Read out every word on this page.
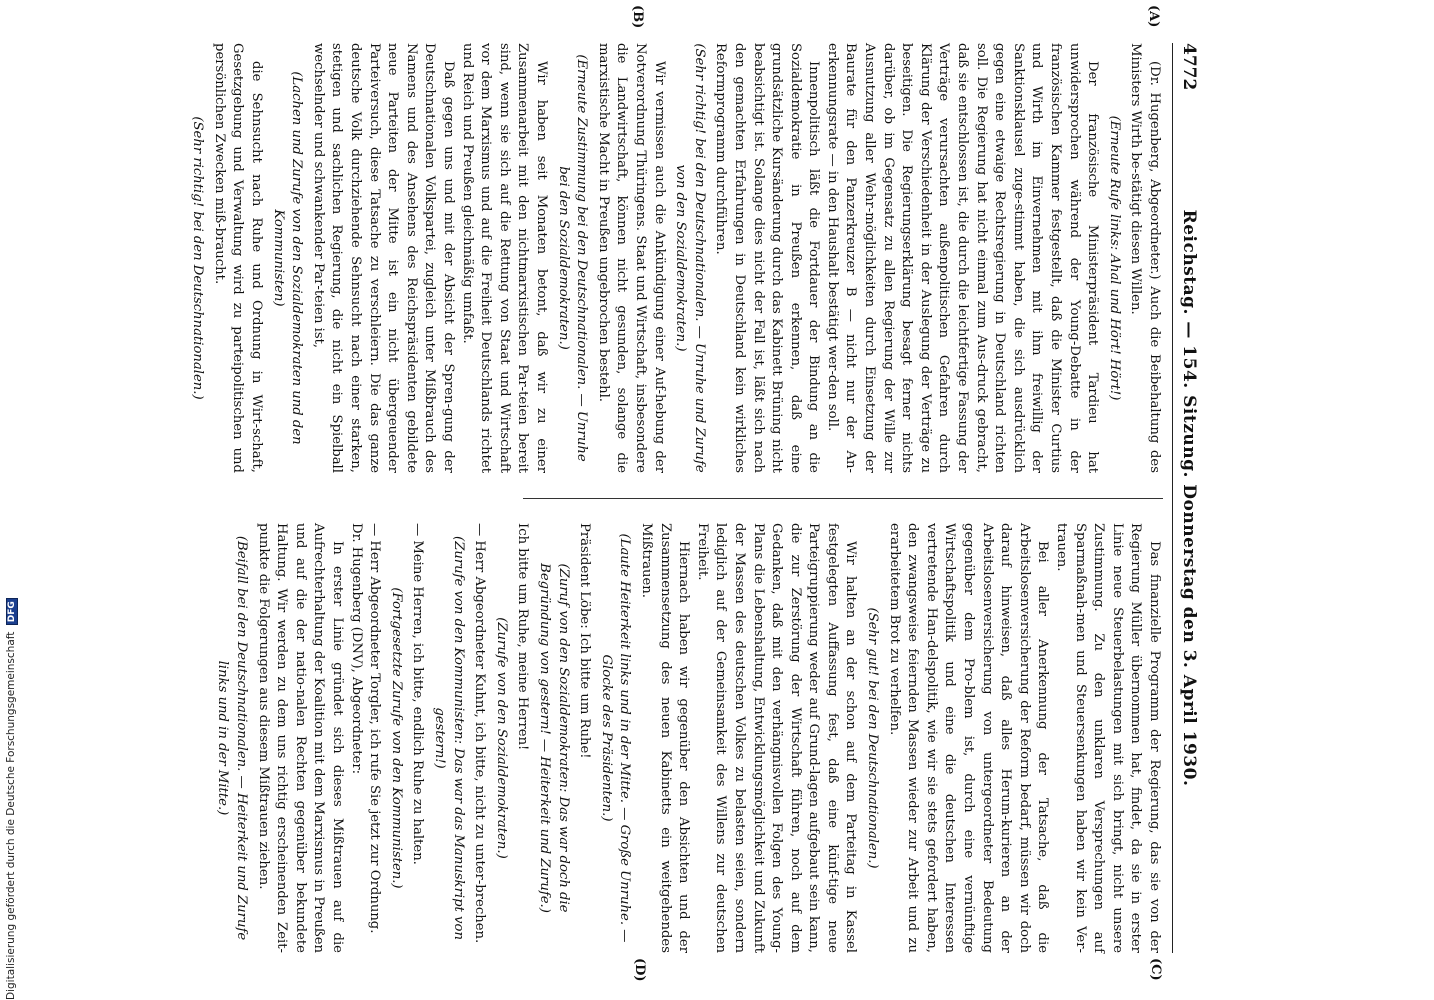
4772
Reichstag. — 154. Sitzung. Donnerstag den 3. April 1930.
(A)
(B)
(C)
(D)

(Dr. Hugenberg, Abgeordneter.) Auch die Beibehaltung des Ministers Wirth be-stätigt diesen Willen.

(Erneute Rufe links: Ahal und Hört! Hört!)

Der französische Ministerpräsident Tardieu hat unwidersprochen während der Young-Debatte in der französischen Kammer festgestellt, daß die Minister Curtius und Wirth im Einvernehmen mit ihm freiwillig der Sanktionsklausel zuge-stimmt haben, die sich ausdrücklich gegen eine etwaige Rechtsregierung in Deutschland richten soll. Die Regierung hat nicht einmal zum Aus-druck gebracht, daß sie entschlossen ist, die durch die leichtfertige Fassung der Verträge verursachten außenpolitischen Gefahren durch Klärung der Verschiedenheit in der Auslegung der Verträge zu beseitigen. Die Regierungserklärung besagt ferner nichts darüber, ob im Gegensatz zu allen Regierung der Wille zur Ausnutzung aller Wehr-möglichkeiten durch Einsetzung der Baurate für den Panzerkreuzer B — nicht nur der An-erkennungsrate — in den Haushalt bestätigt wer-den soll.

Innenpolitisch läßt die Fortdauer der Bindung an die Sozialdemokratie in Preußen erkennen, daß eine grundsätzliche Kursänderung durch das Kabinett Brüning nicht beabsichtigt ist. Solange dies nicht der Fall ist, läßt sich nach den gemachten Erfahrungen in Deutschland kein wirkliches Reformprogramm durchführen.

(Sehr richtig! bei den Deutschnationalen. — Unruhe und Zurufe von den Sozialdemokraten.)

Wir vermissen auch die Ankündigung einer Auf-hebung der Notverordnung Thüringens. Staat und Wirtschaft, insbesondere die Landwirtschaft, können nicht gesunden, solange die marxistische Macht in Preußen ungebrochen bestehl.

(Erneute Zustimmung bei den Deutschnationalen. — Unruhe bei den Sozialdemokraten.)

Wir haben seit Monaten betont, daß wir zu einer Zusammenarbeit mit den nichtmarxistischen Par-teien bereit sind, wenn sie sich auf die Rettung von Staat und Wirtschaft vor dem Marxismus und auf die Freiheit Deutschlands richtet und Reich und Preußen gleichmäßig umfaßt.

Daß gegen uns und mit der Absicht der Spren-gung der Deutschnationalen Volkspartei, zugleich unter Mißbrauch des Namens und des Ansehens des Reichspräsidenten gebildete neue Parteiten der Mitte ist ein nicht übergeuender Parteiversuch, diese Tatsache zu verschleiern. Die das ganze deutsche Volk durchziehende Sehnsucht nach einer starken, stetigen und sachlichen Regierung, die nicht ein Spielball wechselnder und schwankender Par-teien ist,

(Lachen und Zurufe von den Sozialdemokraten und den Kommunisten)

die Sehnsucht nach Ruhe und Ordnung in Wirt-schaft, Gesetzgebung und Verwaltung wird zu parteipolitischen und persönlichen Zwecken miß-braucht.

(Sehr richtig! bei den Deutschnationalen.)

Das finanzielle Programm der Regierung, das sie von der Regierung Müller übernommen hat, findet, da sie in erster Linie neue Steuerbelastungen mit sich bringt, nicht unsere Zustimmung. Zu den unklaren Versprechungen auf Sparmaßnah-men und Steuersenkungen haben wir kein Ver-trauen.

Bei aller Anerkennung der Tatsache, daß die Arbeitslosenversicherung der Reform bedarf, müssen wir doch darauf hinweisen, daß alles Herum-kurieren an der Arbeitslosenversicherung von untergeordneter Bedeutung gegenüber dem Pro-blem ist, durch eine vernünftige Wirtschaftspolitik und eine die deutschen Interessen vertretende Han-delspolitik, wie wir sie stets gefordert haben, den zwangsweise feiernden Massen wieder zur Arbeit und zu erarbeitetem Brot zu verhelfen.

(Sehr gut! bei den Deutschnationalen.)

Wir halten an der schon auf dem Parteitag in Kassel festgelegten Auffassung fest, daß eine künf-tige neue Parteigruppierung weder auf Grund-lagen aufgebaut sein kann, die zur Zerstörung der Wirtschaft führen, noch auf dem Gedanken, daß mit den verhängnisvollen Folgen des Young-Plans die Lebenshaltung, Entwicklungsmöglichkeit und Zukunft der Massen des deutschen Volkes zu belasten seien, sondern lediglich auf der Gemeinsamkeit des Willens zur deutschen Freiheit.

Hiernach haben wir gegenüber den Absichten und der Zusammensetzung des neuen Kabinetts ein weitgehendes Mißtrauen.

(Laute Heiterkeit links und in der Mitte. — Große Unruhe. — Glocke des Präsidenten.)

Präsident Löbe: Ich bitte um Ruhe!

(Zuruf von den Sozialdemokraten: Das war doch die Begründung von gestern! — Heiterkeit und Zurufe.)

Ich bitte um Ruhe, meine Herren!

(Zurufe von den Sozialdemokraten.)

— Herr Abgeordneter Kuhnt, ich bitte, nicht zu unter-brechen.

(Zurufe von den Kommunisten: Das war das Manuskript von gestern!)

— Meine Herren, ich bitte, endlich Ruhe zu halten.

(Fortgesetzte Zurufe von den Kommunisten.)

— Herr Abgeordneter Torgler, ich rufe Sie jetzt zur Ordnung.

Dr. Hugenberg (DNV), Abgeordneter:

In erster Linie gründet sich dieses Mißtrauen auf die Aufrechterhaltung der Koalition mit dem Marxismus in Preußen und auf die der natio-nalen Rechten gegenüber bekundete Haltung. Wir werden zu dem uns richtig erscheinenden Zeit-punkte die Folgerungen aus diesem Mißtrauen ziehen.

(Beifall bei den Deutschnationalen. — Heiterkeit und Zurufe links und in der Mitte.)

Digitalisierung gefördert durch die Deutsche Forschungsgemeinschaft DFG
